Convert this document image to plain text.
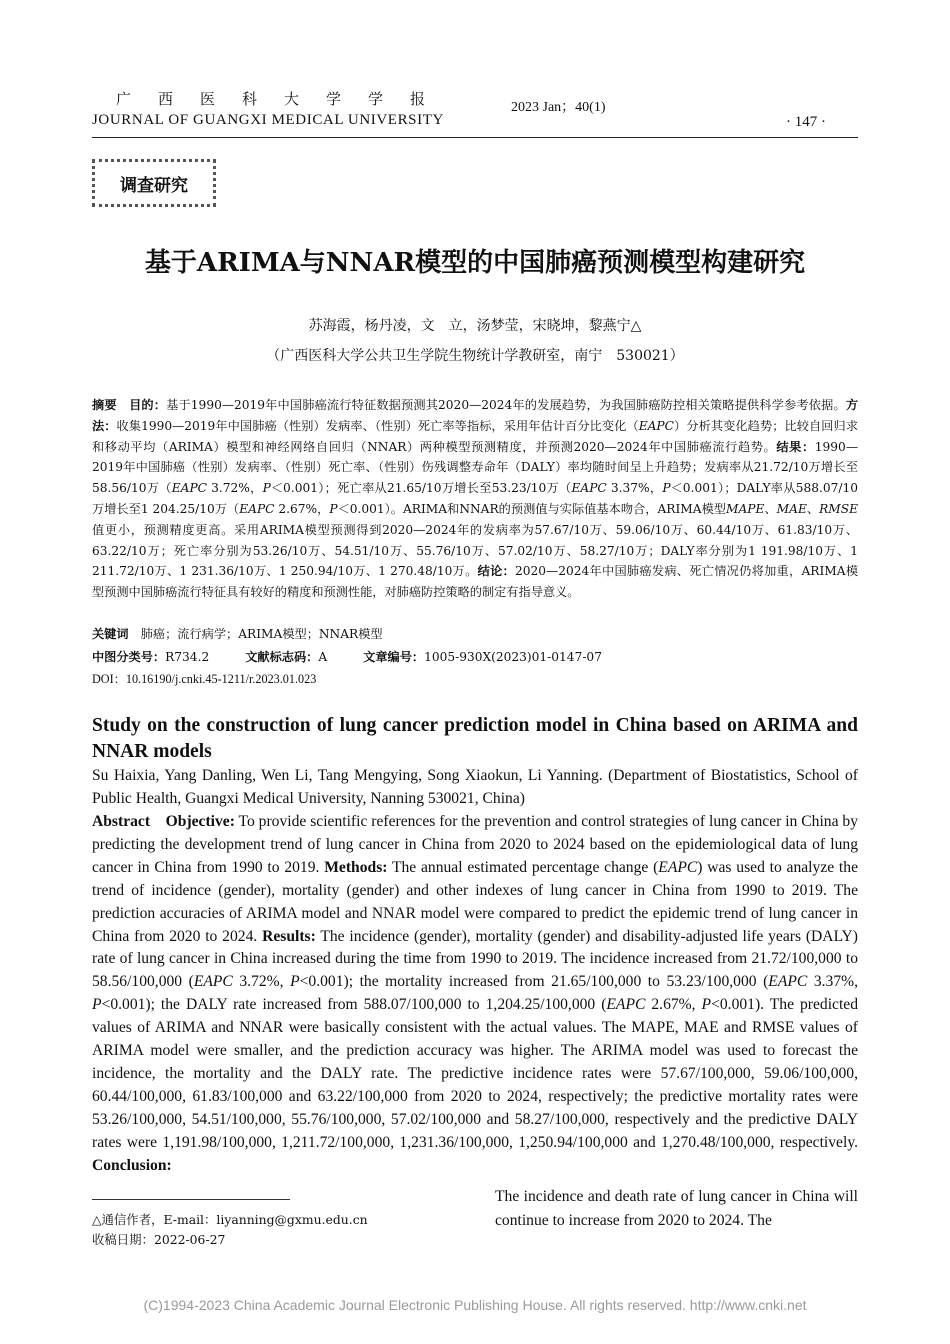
广西医科大学学报
JOURNAL OF GUANGXI MEDICAL UNIVERSITY
2023 Jan；40(1)
· 147 ·
调查研究
基于ARIMA与NNAR模型的中国肺癌预测模型构建研究
苏海霞，杨丹凌，文　立，汤梦莹，宋晓坤，黎燕宁△
（广西医科大学公共卫生学院生物统计学教研室，南宁　530021）
摘要　 目的：基于1990—2019年中国肺癌流行特征数据预测其2020—2024年的发展趋势，为我国肺癌防控相关策略提供科学参考依据。方法：收集1990—2019年中国肺癌（性别）发病率、（性别）死亡率等指标，采用年估计百分比变化（EAPC）分析其变化趋势；比较自回归求和移动平均（ARIMA）模型和神经网络自回归（NNAR）两种模型预测精度，并预测2020—2024年中国肺癌流行趋势。结果：1990—2019年中国肺癌（性别）发病率、（性别）死亡率、（性别）伤残调整寿命年（DALY）率均随时间呈上升趋势；发病率从21.72/10万增长至58.56/10万（EAPC 3.72%，P＜0.001）；死亡率从21.65/10万增长至53.23/10万（EAPC 3.37%，P＜0.001）；DALY率从588.07/10万增长至1 204.25/10万（EAPC 2.67%，P＜0.001）。ARIMA和NNAR的预测值与实际值基本吻合，ARIMA模型MAPE、MAE、RMSE值更小，预测精度更高。采用ARIMA模型预测得到2020—2024年的发病率为57.67/10万、59.06/10万、60.44/10万、61.83/10万、63.22/10万；死亡率分别为53.26/10万、54.51/10万、55.76/10万、57.02/10万、58.27/10万；DALY率分别为1 191.98/10万、1 211.72/10万、1 231.36/10万、1 250.94/10万、1 270.48/10万。结论：2020—2024年中国肺癌发病、死亡情况仍将加重，ARIMA模型预测中国肺癌流行特征具有较好的精度和预测性能，对肺癌防控策略的制定有指导意义。
关键词　 肺癌；流行病学；ARIMA模型；NNAR模型
中图分类号：R734.2	文献标志码：A	文章编号：1005-930X(2023)01-0147-07
DOI：10.16190/j.cnki.45-1211/r.2023.01.023
Study on the construction of lung cancer prediction model in China based on ARIMA and NNAR models
Su Haixia, Yang Danling, Wen Li, Tang Mengying, Song Xiaokun, Li Yanning. (Department of Biostatistics, School of Public Health, Guangxi Medical University, Nanning 530021, China)
Abstract Objective: To provide scientific references for the prevention and control strategies of lung cancer in China by predicting the development trend of lung cancer in China from 2020 to 2024 based on the epidemiological data of lung cancer in China from 1990 to 2019. Methods: The annual estimated percentage change (EAPC) was used to analyze the trend of incidence (gender), mortality (gender) and other indexes of lung cancer in China from 1990 to 2019. The prediction accuracies of ARIMA model and NNAR model were compared to predict the epidemic trend of lung cancer in China from 2020 to 2024. Results: The incidence (gender), mortality (gender) and disability-adjusted life years (DALY) rate of lung cancer in China increased during the time from 1990 to 2019. The incidence increased from 21.72/100,000 to 58.56/100,000 (EAPC 3.72%, P<0.001); the mortality increased from 21.65/100,000 to 53.23/100,000 (EAPC 3.37%, P<0.001); the DALY rate increased from 588.07/100,000 to 1,204.25/100,000 (EAPC 2.67%, P<0.001). The predicted values of ARIMA and NNAR were basically consistent with the actual values. The MAPE, MAE and RMSE values of ARIMA model were smaller, and the prediction accuracy was higher. The ARIMA model was used to forecast the incidence, the mortality and the DALY rate. The predictive incidence rates were 57.67/100,000, 59.06/100,000, 60.44/100,000, 61.83/100,000 and 63.22/100,000 from 2020 to 2024, respectively; the predictive mortality rates were 53.26/100,000, 54.51/100,000, 55.76/100,000, 57.02/100,000 and 58.27/100,000, respectively and the predictive DALY rates were 1,191.98/100,000, 1,211.72/100,000, 1,231.36/100,000, 1,250.94/100,000 and 1,270.48/100,000, respectively. Conclusion:
The incidence and death rate of lung cancer in China will continue to increase from 2020 to 2024. The
△通信作者，E-mail：liyanning@gxmu.edu.cn
收稿日期：2022-06-27
(C)1994-2023 China Academic Journal Electronic Publishing House. All rights reserved. http://www.cnki.net
